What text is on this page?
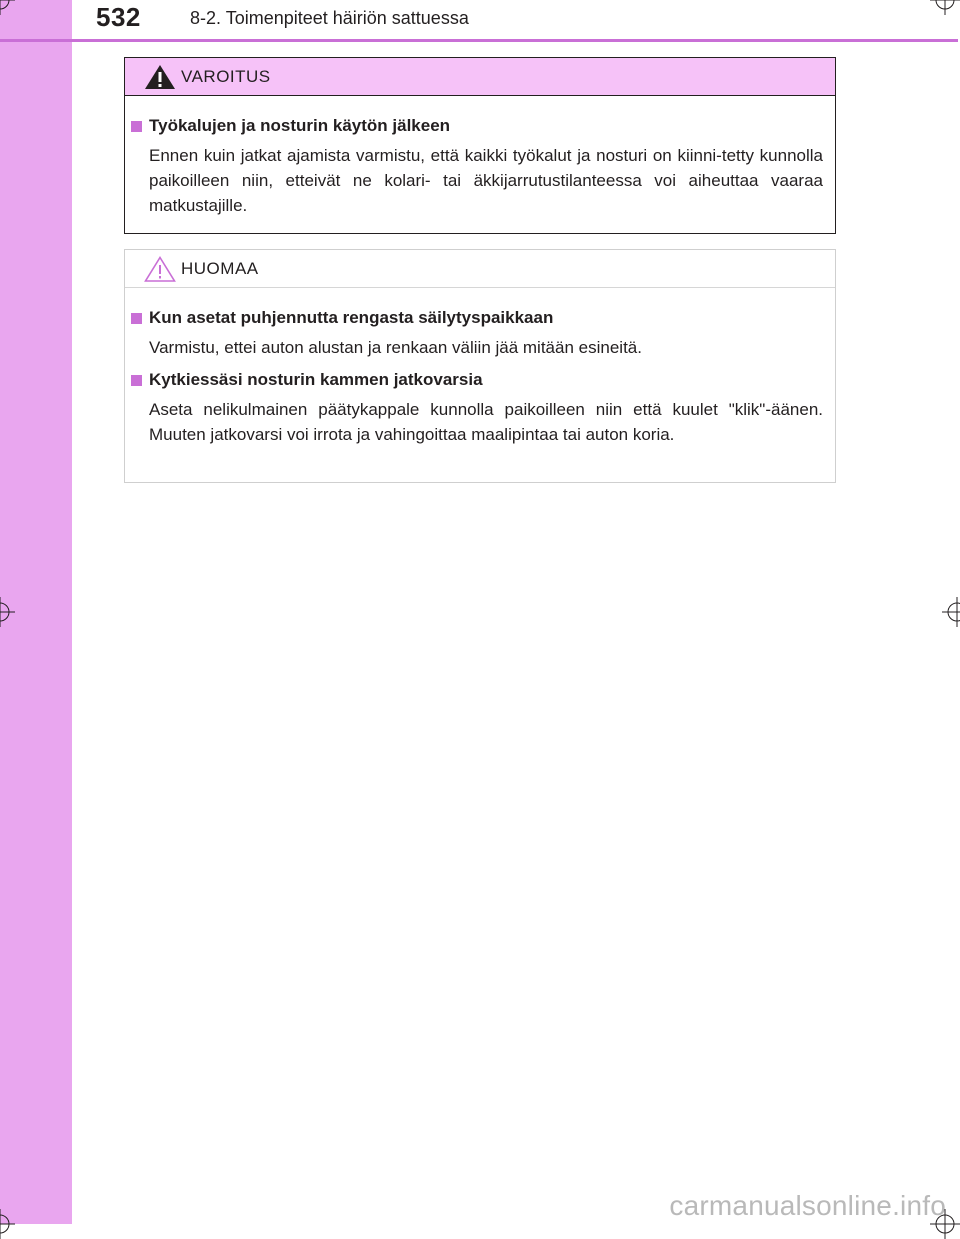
532	8-2. Toimenpiteet häiriön sattuessa
VAROITUS
Työkalujen ja nosturin käytön jälkeen
Ennen kuin jatkat ajamista varmistu, että kaikki työkalut ja nosturi on kiinni-tetty kunnolla paikoilleen niin, etteivät ne kolari- tai äkkijarrutustilanteessa voi aiheuttaa vaaraa matkustajille.
HUOMAA
Kun asetat puhjennutta rengasta säilytyspaikkaan
Varmistu, ettei auton alustan ja renkaan väliin jää mitään esineitä.
Kytkiessäsi nosturin kammen jatkovarsia
Aseta nelikulmainen päätykappale kunnolla paikoilleen niin että kuulet "klik"-äänen. Muuten jatkovarsi voi irrota ja vahingoittaa maalipintaa tai auton koria.
carmanualsonline.info
